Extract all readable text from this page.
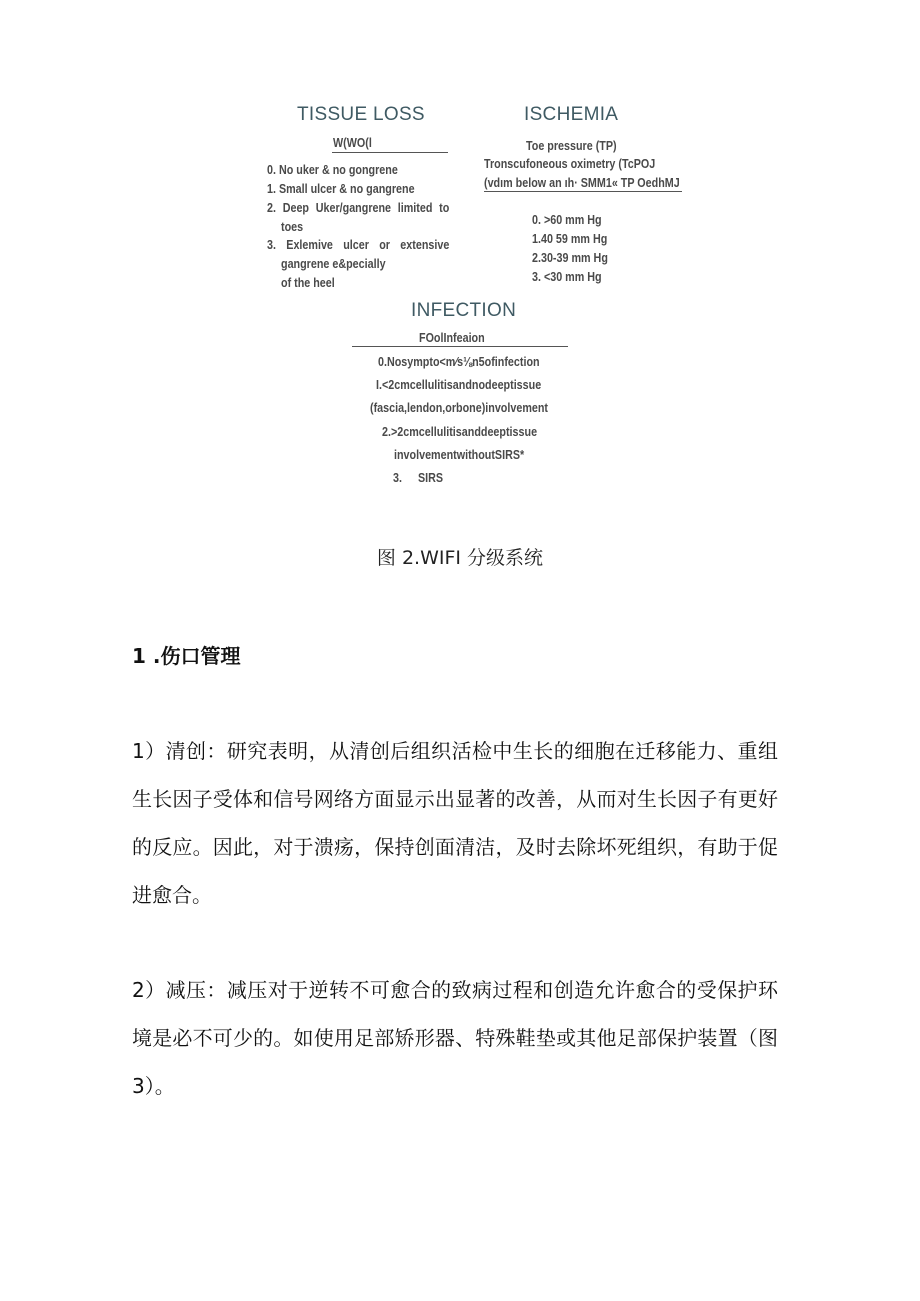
TISSUE LOSS
W(WO(l
0. No uker & no gongrene
1. Small ulcer & no gangrene
2. Deep Uker/gangrene limited to
toes
3. Exlemive ulcer or extensive
gangrene e&pecially
of the heel
ISCHEMIA
Toe pressure (TP)
Tronscufoneous oximetry (TcPOJ
(vdım below an ıh· SMM1« TP OedhMJ
0. >60 mm Hg
1.40 59 mm Hg
2.30-39 mm Hg
3. <30 mm Hg
INFECTION
FOolInfeaion
0.Nosympto<m⁄s⅛n5ofinfection
I.<2cmcellulitisandnodeeptissue
(fascia,lendon,orbone)involvement
2.>2cmcellulitisanddeeptissue
involvementwithoutSIRS*
3. SIRS
图 2.WIFI 分级系统
1 .伤口管理
1）清创：研究表明，从清创后组织活检中生长的细胞在迁移能力、重组生长因子受体和信号网络方面显示出显著的改善，从而对生长因子有更好的反应。因此，对于溃疡，保持创面清洁，及时去除坏死组织，有助于促进愈合。
2）减压：减压对于逆转不可愈合的致病过程和创造允许愈合的受保护环境是必不可少的。如使用足部矫形器、特殊鞋垫或其他足部保护装置（图3）。
